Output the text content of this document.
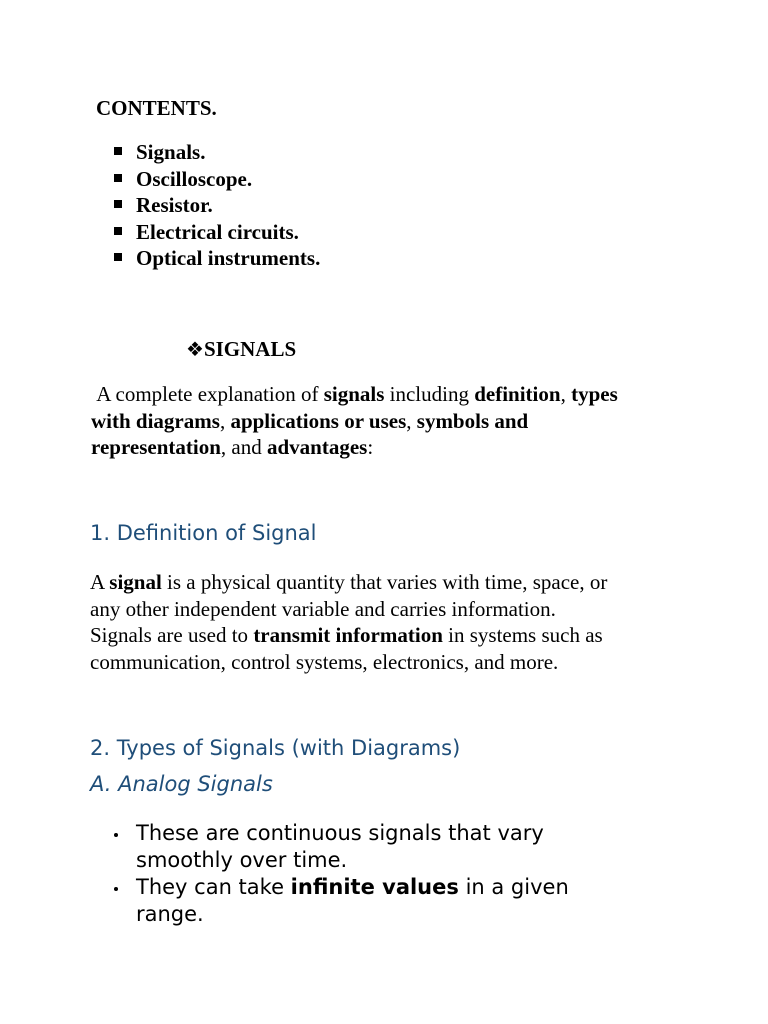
CONTENTS.
Signals.
Oscilloscope.
Resistor.
Electrical circuits.
Optical instruments.
❖SIGNALS
A complete explanation of signals including definition, types
with diagrams, applications or uses, symbols and
representation, and advantages:
1. Definition of Signal
A signal is a physical quantity that varies with time, space, or
any other independent variable and carries information.
Signals are used to transmit information in systems such as
communication, control systems, electronics, and more.
2. Types of Signals (with Diagrams)
A. Analog Signals
These are continuous signals that vary
smoothly over time.
They can take infinite values in a given
range.
